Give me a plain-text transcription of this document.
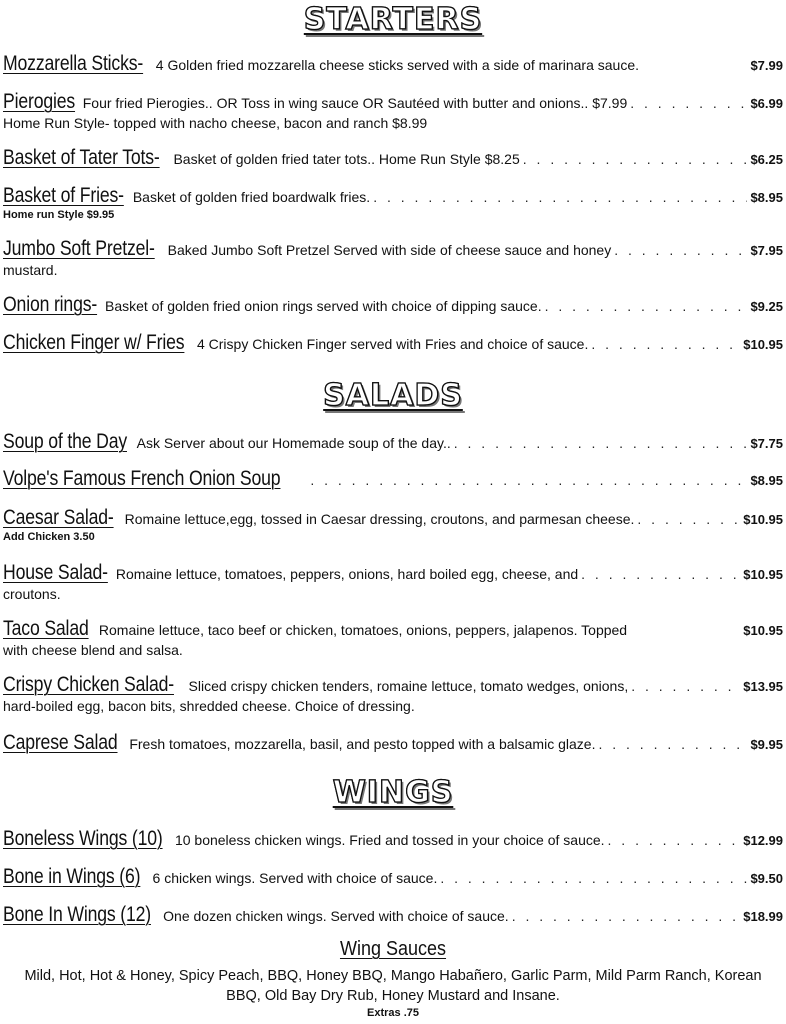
STARTERS
Mozzarella Sticks- 4 Golden fried mozzarella cheese sticks served with a side of marinara sauce.	$7.99
Pierogies Four fried Pierogies.. OR Toss in wing sauce OR Sautéed with butter and onions.. $7.99 . . .	$6.99
Home Run Style- topped with nacho cheese, bacon and ranch $8.99
Basket of Tater Tots- Basket of golden fried tater tots.. Home Run Style $8.25 . . .	$6.25
Basket of Fries- Basket of golden fried boardwalk fries. . . .	$8.95
Home run Style $9.95
Jumbo Soft Pretzel- Baked Jumbo Soft Pretzel Served with side of cheese sauce and honey . . .	$7.95
mustard.
Onion rings- Basket of golden fried onion rings served with choice of dipping sauce. . . .	$9.25
Chicken Finger w/ Fries 4 Crispy Chicken Finger served with Fries and choice of sauce. . . .	$10.95
SALADS
Soup of the Day Ask Server about our Homemade soup of the day.. . . .	$7.75
Volpe's Famous French Onion Soup . . .	$8.95
Caesar Salad- Romaine lettuce,egg, tossed in Caesar dressing, croutons, and parmesan cheese. . . .	$10.95
Add Chicken 3.50
House Salad- Romaine lettuce, tomatoes, peppers, onions, hard boiled egg, cheese, and . . .	$10.95
croutons.
Taco Salad Romaine lettuce, taco beef or chicken, tomatoes, onions, peppers, jalapenos. Topped	$10.95
with cheese blend and salsa.
Crispy Chicken Salad- Sliced crispy chicken tenders, romaine lettuce, tomato wedges, onions, . . .	$13.95
hard-boiled egg, bacon bits, shredded cheese. Choice of dressing.
Caprese Salad Fresh tomatoes, mozzarella, basil, and pesto topped with a balsamic glaze. . . .	$9.95
WINGS
Boneless Wings (10) 10 boneless chicken wings. Fried and tossed in your choice of sauce. . . .	$12.99
Bone in Wings (6) 6 chicken wings. Served with choice of sauce. . . .	$9.50
Bone In Wings (12) One dozen chicken wings. Served with choice of sauce. . . .	$18.99
Wing Sauces
Mild, Hot, Hot & Honey, Spicy Peach, BBQ, Honey BBQ, Mango Habañero, Garlic Parm, Mild Parm Ranch, Korean BBQ, Old Bay Dry Rub, Honey Mustard and Insane.
Extras .75
